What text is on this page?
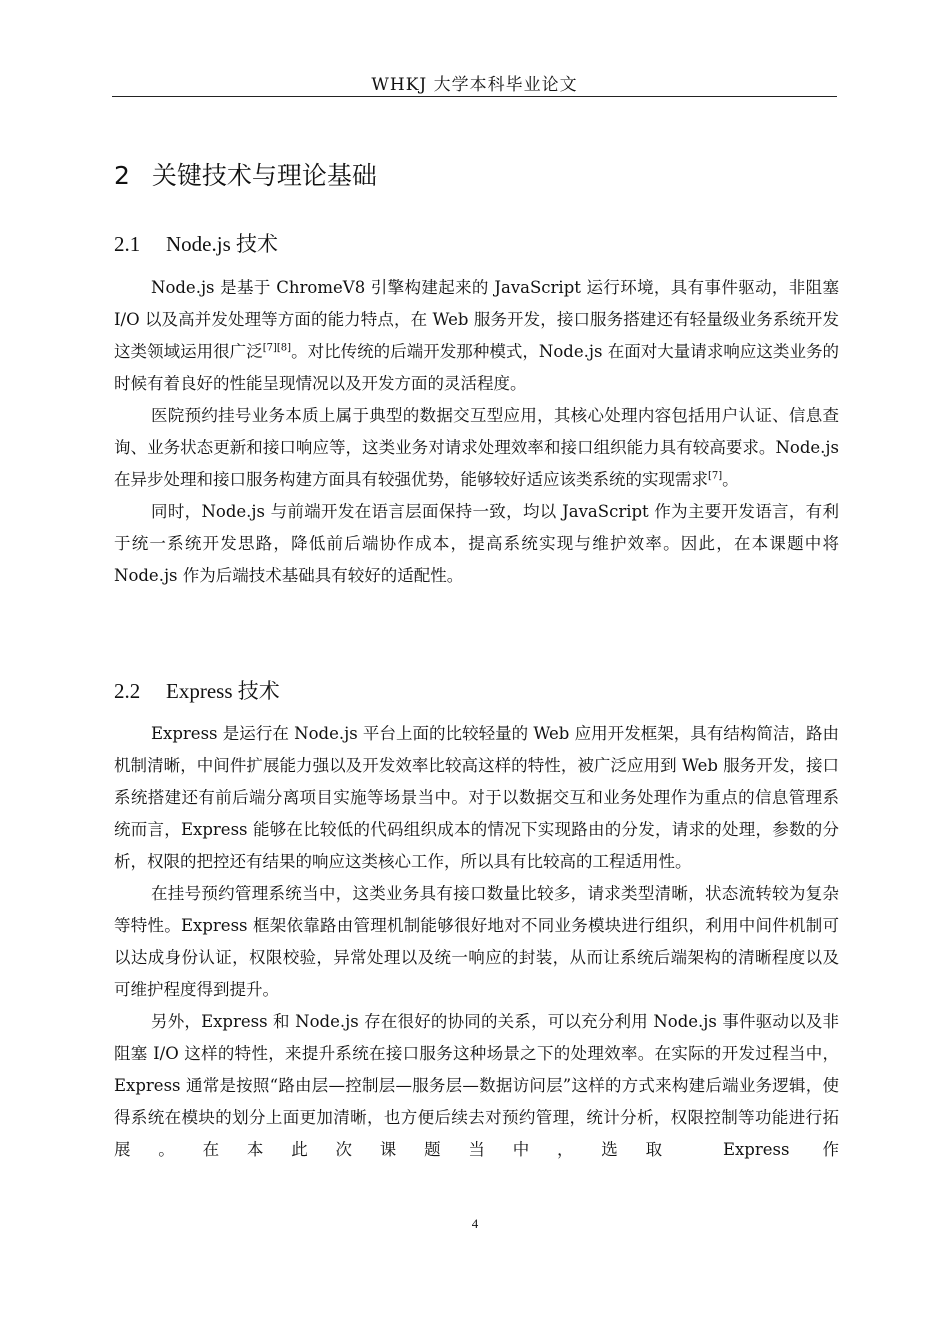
WHKJ 大学本科毕业论文
2 关键技术与理论基础
2.1 Node.js 技术

Node.js 是基于 ChromeV8 引擎构建起来的 JavaScript 运行环境，具有事件驱动，非阻塞 I/O 以及高并发处理等方面的能力特点，在 Web 服务开发，接口服务搭建还有轻量级业务系统开发这类领域运用很广泛[7][8]。对比传统的后端开发那种模式，Node.js 在面对大量请求响应这类业务的时候有着良好的性能呈现情况以及开发方面的灵活程度。

医院预约挂号业务本质上属于典型的数据交互型应用，其核心处理内容包括用户认证、信息查询、业务状态更新和接口响应等，这类业务对请求处理效率和接口组织能力具有较高要求。Node.js 在异步处理和接口服务构建方面具有较强优势，能够较好适应该类系统的实现需求[7]。

同时，Node.js 与前端开发在语言层面保持一致，均以 JavaScript 作为主要开发语言，有利于统一系统开发思路，降低前后端协作成本，提高系统实现与维护效率。因此，在本课题中将 Node.js 作为后端技术基础具有较好的适配性。

2.2 Express 技术

Express 是运行在 Node.js 平台上面的比较轻量的 Web 应用开发框架，具有结构简洁，路由机制清晰，中间件扩展能力强以及开发效率比较高这样的特性，被广泛应用到 Web 服务开发，接口系统搭建还有前后端分离项目实施等场景当中。对于以数据交互和业务处理作为重点的信息管理系统而言，Express 能够在比较低的代码组织成本的情况下实现路由的分发，请求的处理，参数的分析，权限的把控还有结果的响应这类核心工作，所以具有比较高的工程适用性。

在挂号预约管理系统当中，这类业务具有接口数量比较多，请求类型清晰，状态流转较为复杂等特性。Express 框架依靠路由管理机制能够很好地对不同业务模块进行组织，利用中间件机制可以达成身份认证，权限校验，异常处理以及统一响应的封装，从而让系统后端架构的清晰程度以及可维护程度得到提升。

另外，Express 和 Node.js 存在很好的协同的关系，可以充分利用 Node.js 事件驱动以及非阻塞 I/O 这样的特性，来提升系统在接口服务这种场景之下的处理效率。在实际的开发过程当中，Express 通常是按照“路由层—控制层—服务层—数据访问层”这样的方式来构建后端业务逻辑，使得系统在模块的划分上面更加清晰，也方便后续去对预约管理，统计分析，权限控制等功能进行拓展。在本此次课题当中，选取 Express 作

4
